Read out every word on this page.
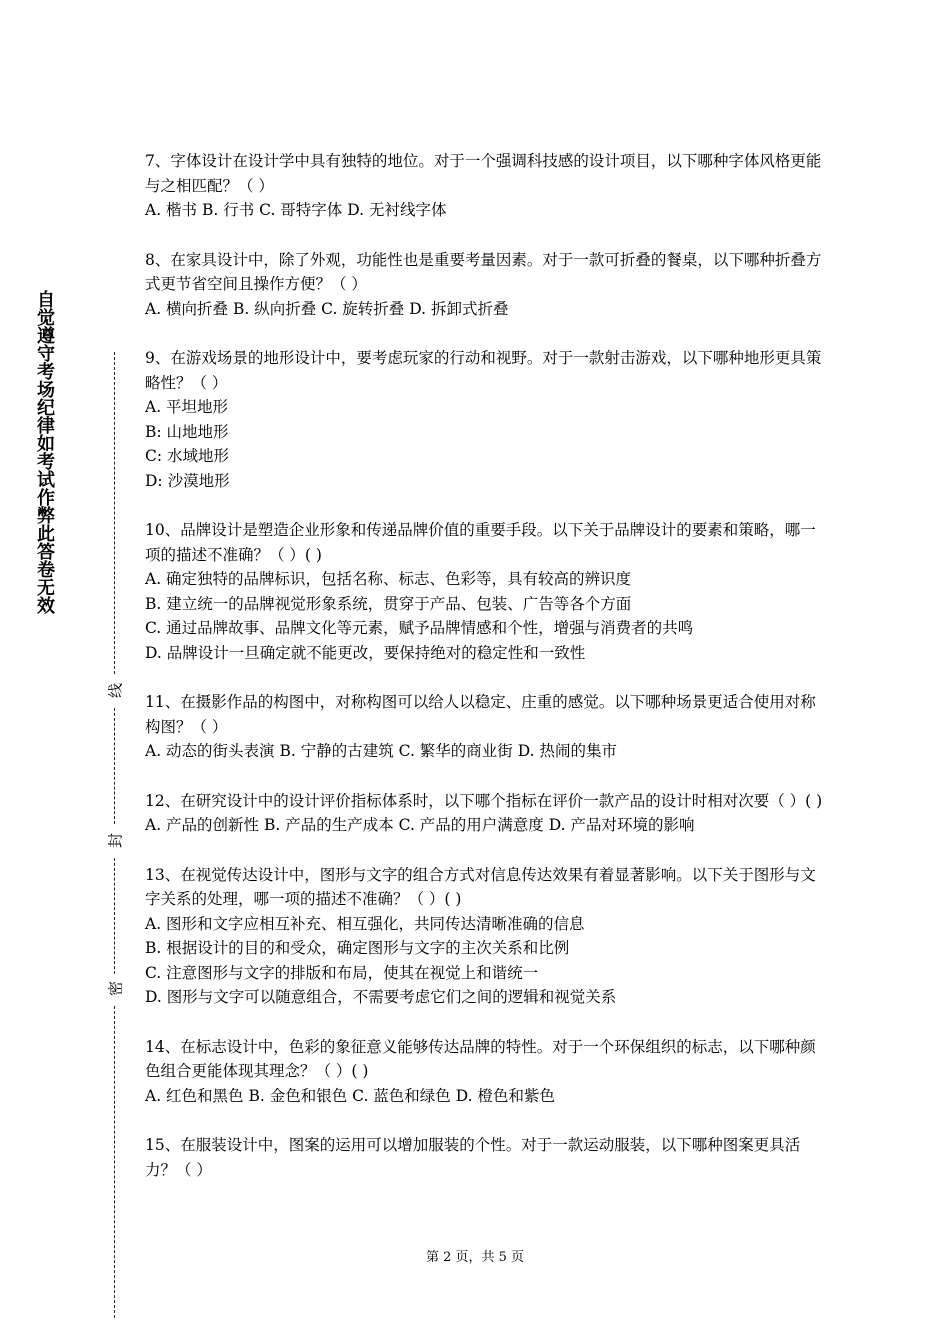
自觉遵守考场纪律如考试作弊此答卷无效
线
封
密

7、字体设计在设计学中具有独特的地位。对于一个强调科技感的设计项目，以下哪种字体风格更能与之相匹配？（ ）

A. 楷书 B. 行书 C. 哥特字体 D. 无衬线字体

8、在家具设计中，除了外观，功能性也是重要考量因素。对于一款可折叠的餐桌，以下哪种折叠方式更节省空间且操作方便？（ ）

A. 横向折叠 B. 纵向折叠 C. 旋转折叠 D. 拆卸式折叠

9、在游戏场景的地形设计中，要考虑玩家的行动和视野。对于一款射击游戏，以下哪种地形更具策略性？（ ）

A. 平坦地形

B: 山地地形

C: 水域地形

D: 沙漠地形

10、品牌设计是塑造企业形象和传递品牌价值的重要手段。以下关于品牌设计的要素和策略，哪一项的描述不准确？（ ）( )

A. 确定独特的品牌标识，包括名称、标志、色彩等，具有较高的辨识度

B. 建立统一的品牌视觉形象系统，贯穿于产品、包装、广告等各个方面

C. 通过品牌故事、品牌文化等元素，赋予品牌情感和个性，增强与消费者的共鸣

D. 品牌设计一旦确定就不能更改，要保持绝对的稳定性和一致性

11、在摄影作品的构图中，对称构图可以给人以稳定、庄重的感觉。以下哪种场景更适合使用对称构图？（ ）

A. 动态的街头表演 B. 宁静的古建筑 C. 繁华的商业街 D. 热闹的集市

12、在研究设计中的设计评价指标体系时，以下哪个指标在评价一款产品的设计时相对次要（ ）( )

A. 产品的创新性 B. 产品的生产成本 C. 产品的用户满意度 D. 产品对环境的影响

13、在视觉传达设计中，图形与文字的组合方式对信息传达效果有着显著影响。以下关于图形与文字关系的处理，哪一项的描述不准确？（ ）( )

A. 图形和文字应相互补充、相互强化，共同传达清晰准确的信息

B. 根据设计的目的和受众，确定图形与文字的主次关系和比例

C. 注意图形与文字的排版和布局，使其在视觉上和谐统一

D. 图形与文字可以随意组合，不需要考虑它们之间的逻辑和视觉关系

14、在标志设计中，色彩的象征意义能够传达品牌的特性。对于一个环保组织的标志，以下哪种颜色组合更能体现其理念？（ ）( )

A. 红色和黑色 B. 金色和银色 C. 蓝色和绿色 D. 橙色和紫色

15、在服装设计中，图案的运用可以增加服装的个性。对于一款运动服装，以下哪种图案更具活力？（ ）

第 2 页，共 5 页
